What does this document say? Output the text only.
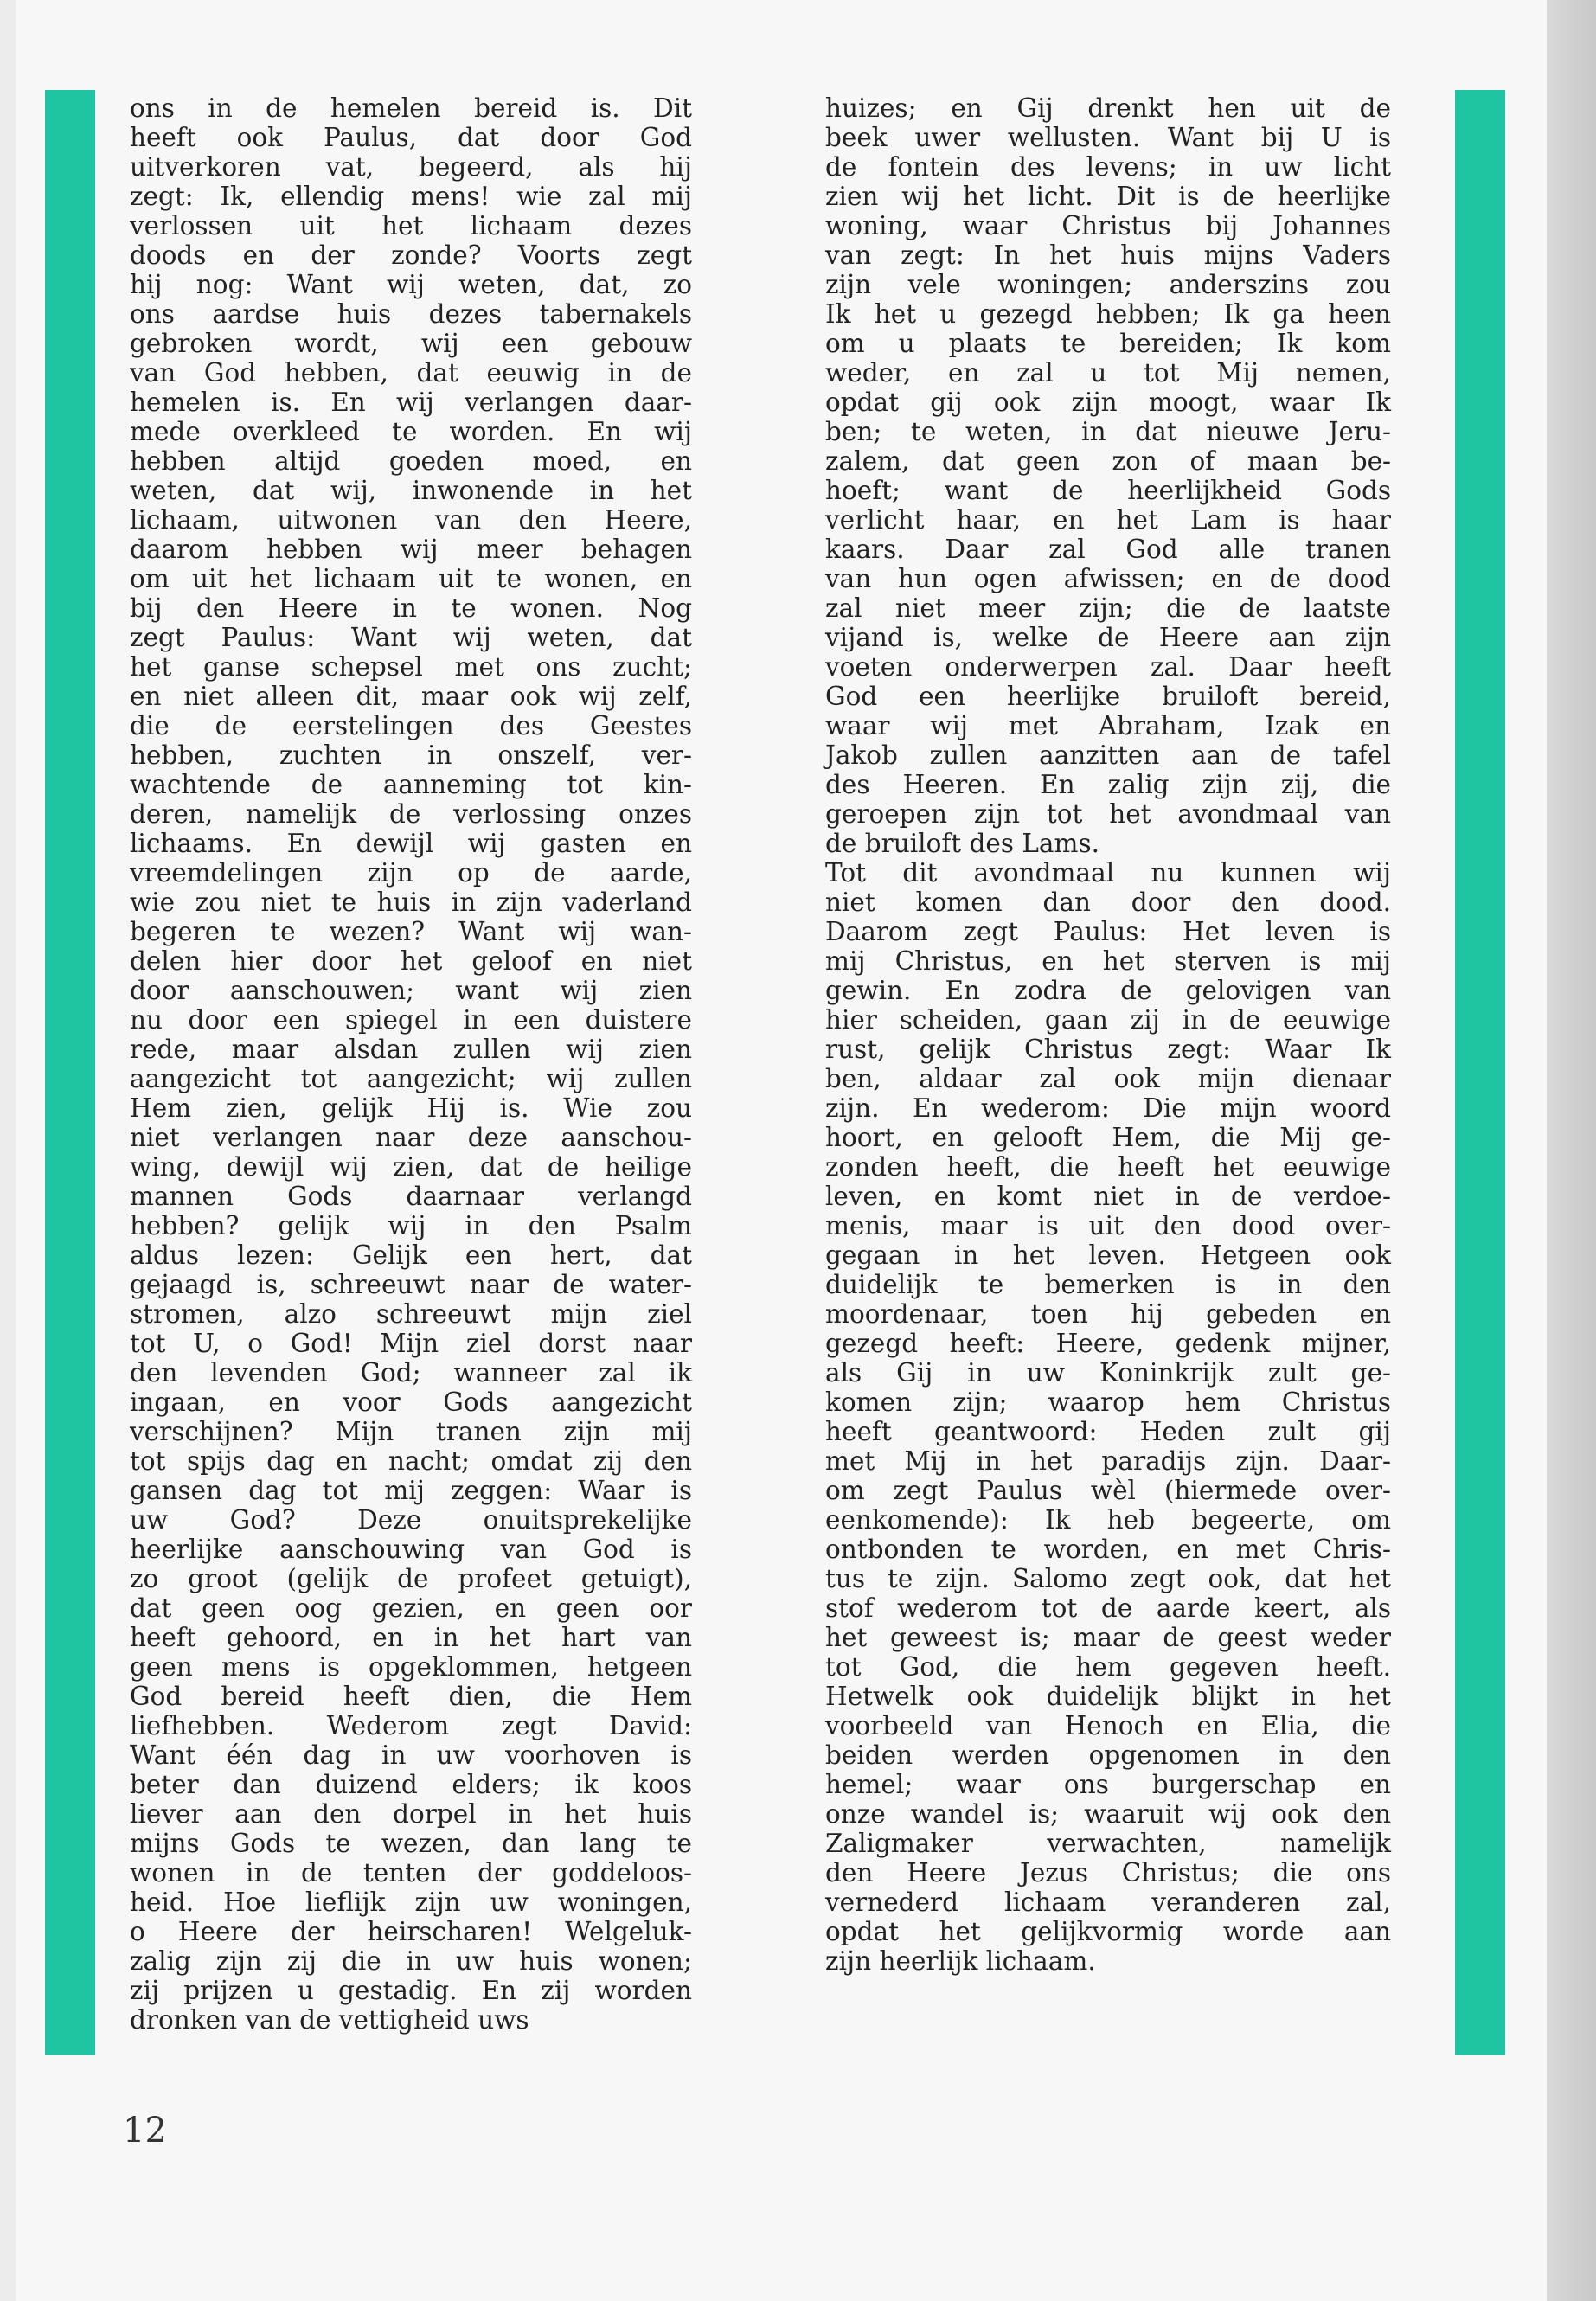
ons in de hemelen bereid is. Dit
heeft ook Paulus, dat door God
uitverkoren vat, begeerd, als hij
zegt: Ik, ellendig mens! wie zal mij
verlossen uit het lichaam dezes
doods en der zonde? Voorts zegt
hij nog: Want wij weten, dat, zo
ons aardse huis dezes tabernakels
gebroken wordt, wij een gebouw
van God hebben, dat eeuwig in de
hemelen is. En wij verlangen daar-
mede overkleed te worden. En wij
hebben altijd goeden moed, en
weten, dat wij, inwonende in het
lichaam, uitwonen van den Heere,
daarom hebben wij meer behagen
om uit het lichaam uit te wonen, en
bij den Heere in te wonen. Nog
zegt Paulus: Want wij weten, dat
het ganse schepsel met ons zucht;
en niet alleen dit, maar ook wij zelf,
die de eerstelingen des Geestes
hebben, zuchten in onszelf, ver-
wachtende de aanneming tot kin-
deren, namelijk de verlossing onzes
lichaams. En dewijl wij gasten en
vreemdelingen zijn op de aarde,
wie zou niet te huis in zijn vaderland
begeren te wezen? Want wij wan-
delen hier door het geloof en niet
door aanschouwen; want wij zien
nu door een spiegel in een duistere
rede, maar alsdan zullen wij zien
aangezicht tot aangezicht; wij zullen
Hem zien, gelijk Hij is. Wie zou
niet verlangen naar deze aanschou-
wing, dewijl wij zien, dat de heilige
mannen Gods daarnaar verlangd
hebben? gelijk wij in den Psalm
aldus lezen: Gelijk een hert, dat
gejaagd is, schreeuwt naar de water-
stromen, alzo schreeuwt mijn ziel
tot U, o God! Mijn ziel dorst naar
den levenden God; wanneer zal ik
ingaan, en voor Gods aangezicht
verschijnen? Mijn tranen zijn mij
tot spijs dag en nacht; omdat zij den
gansen dag tot mij zeggen: Waar is
uw God? Deze onuitsprekelijke
heerlijke aanschouwing van God is
zo groot (gelijk de profeet getuigt),
dat geen oog gezien, en geen oor
heeft gehoord, en in het hart van
geen mens is opgeklommen, hetgeen
God bereid heeft dien, die Hem
liefhebben. Wederom zegt David:
Want één dag in uw voorhoven is
beter dan duizend elders; ik koos
liever aan den dorpel in het huis
mijns Gods te wezen, dan lang te
wonen in de tenten der goddeloos-
heid. Hoe lieflijk zijn uw woningen,
o Heere der heirscharen! Welgeluk-
zalig zijn zij die in uw huis wonen;
zij prijzen u gestadig. En zij worden
dronken van de vettigheid uws
huizes; en Gij drenkt hen uit de
beek uwer wellusten. Want bij U is
de fontein des levens; in uw licht
zien wij het licht. Dit is de heerlijke
woning, waar Christus bij Johannes
van zegt: In het huis mijns Vaders
zijn vele woningen; anderszins zou
Ik het u gezegd hebben; Ik ga heen
om u plaats te bereiden; Ik kom
weder, en zal u tot Mij nemen,
opdat gij ook zijn moogt, waar Ik
ben; te weten, in dat nieuwe Jeru-
zalem, dat geen zon of maan be-
hoeft; want de heerlijkheid Gods
verlicht haar, en het Lam is haar
kaars. Daar zal God alle tranen
van hun ogen afwissen; en de dood
zal niet meer zijn; die de laatste
vijand is, welke de Heere aan zijn
voeten onderwerpen zal. Daar heeft
God een heerlijke bruiloft bereid,
waar wij met Abraham, Izak en
Jakob zullen aanzitten aan de tafel
des Heeren. En zalig zijn zij, die
geroepen zijn tot het avondmaal van
de bruiloft des Lams.
Tot dit avondmaal nu kunnen wij
niet komen dan door den dood.
Daarom zegt Paulus: Het leven is
mij Christus, en het sterven is mij
gewin. En zodra de gelovigen van
hier scheiden, gaan zij in de eeuwige
rust, gelijk Christus zegt: Waar Ik
ben, aldaar zal ook mijn dienaar
zijn. En wederom: Die mijn woord
hoort, en gelooft Hem, die Mij ge-
zonden heeft, die heeft het eeuwige
leven, en komt niet in de verdoe-
menis, maar is uit den dood over-
gegaan in het leven. Hetgeen ook
duidelijk te bemerken is in den
moordenaar, toen hij gebeden en
gezegd heeft: Heere, gedenk mijner,
als Gij in uw Koninkrijk zult ge-
komen zijn; waarop hem Christus
heeft geantwoord: Heden zult gij
met Mij in het paradijs zijn. Daar-
om zegt Paulus wèl (hiermede over-
eenkomende): Ik heb begeerte, om
ontbonden te worden, en met Chris-
tus te zijn. Salomo zegt ook, dat het
stof wederom tot de aarde keert, als
het geweest is; maar de geest weder
tot God, die hem gegeven heeft.
Hetwelk ook duidelijk blijkt in het
voorbeeld van Henoch en Elia, die
beiden werden opgenomen in den
hemel; waar ons burgerschap en
onze wandel is; waaruit wij ook den
Zaligmaker verwachten, namelijk
den Heere Jezus Christus; die ons
vernederd lichaam veranderen zal,
opdat het gelijkvormig worde aan
zijn heerlijk lichaam.
12
